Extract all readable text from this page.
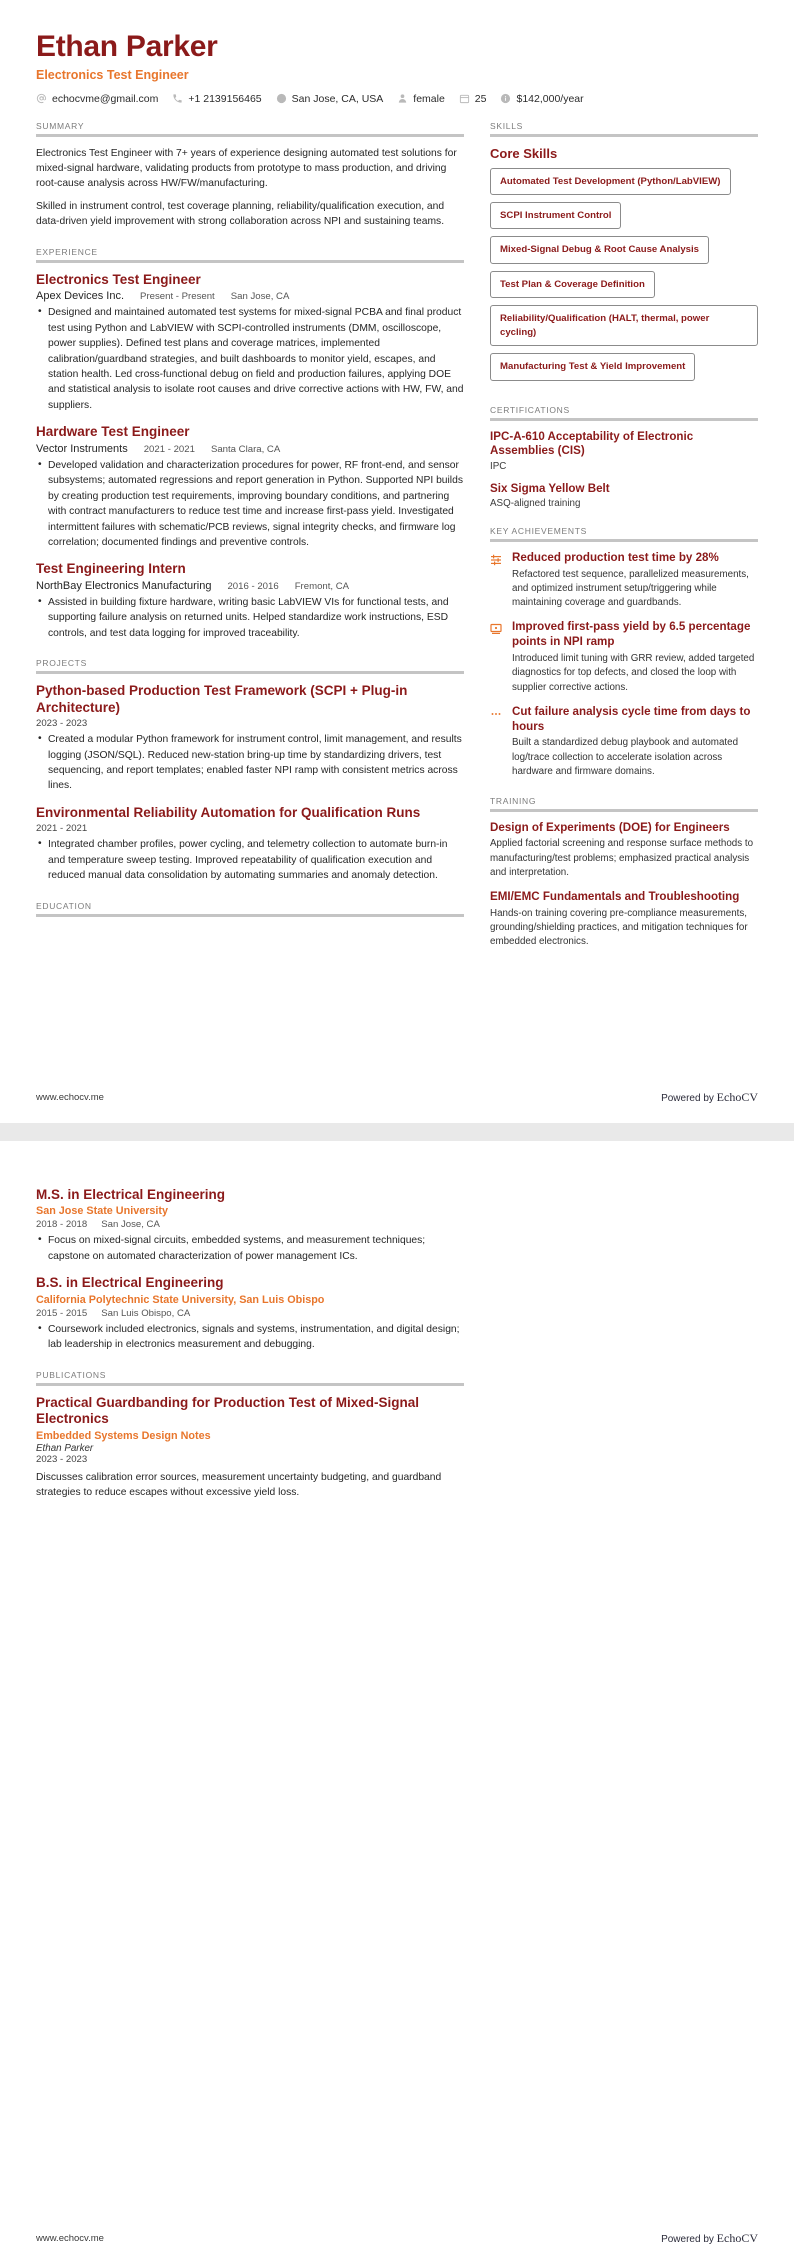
Ethan Parker
Electronics Test Engineer
echocvme@gmail.com	+1 2139156465	San Jose, CA, USA	female	25	$142,000/year
SUMMARY

Electronics Test Engineer with 7+ years of experience designing automated test solutions for mixed-signal hardware, validating products from prototype to mass production, and driving root-cause analysis across HW/FW/manufacturing.

Skilled in instrument control, test coverage planning, reliability/qualification execution, and data-driven yield improvement with strong collaboration across NPI and sustaining teams.

EXPERIENCE
Electronics Test Engineer
Apex Devices Inc. Present - Present San Jose, CA
• Designed and maintained automated test systems for mixed-signal PCBA and final product test using Python and LabVIEW with SCPI-controlled instruments (DMM, oscilloscope, power supplies). Defined test plans and coverage matrices, implemented calibration/guardband strategies, and built dashboards to monitor yield, escapes, and station health. Led cross-functional debug on field and production failures, applying DOE and statistical analysis to isolate root causes and drive corrective actions with HW, FW, and suppliers.
Hardware Test Engineer
Vector Instruments 2021 - 2021 Santa Clara, CA
• Developed validation and characterization procedures for power, RF front-end, and sensor subsystems; automated regressions and report generation in Python. Supported NPI builds by creating production test requirements, improving boundary conditions, and partnering with contract manufacturers to reduce test time and increase first-pass yield. Investigated intermittent failures with schematic/PCB reviews, signal integrity checks, and firmware log correlation; documented findings and preventive controls.
Test Engineering Intern
NorthBay Electronics Manufacturing 2016 - 2016 Fremont, CA
• Assisted in building fixture hardware, writing basic LabVIEW VIs for functional tests, and supporting failure analysis on returned units. Helped standardize work instructions, ESD controls, and test data logging for improved traceability.
PROJECTS
Python-based Production Test Framework (SCPI + Plug-in Architecture)
2023 - 2023
• Created a modular Python framework for instrument control, limit management, and results logging (JSON/SQL). Reduced new-station bring-up time by standardizing drivers, test sequencing, and report templates; enabled faster NPI ramp with consistent metrics across lines.
Environmental Reliability Automation for Qualification Runs
2021 - 2021
• Integrated chamber profiles, power cycling, and telemetry collection to automate burn-in and temperature sweep testing. Improved repeatability of qualification execution and reduced manual data consolidation by automating summaries and anomaly detection.
EDUCATION
SKILLS
Core Skills
Automated Test Development (Python/LabVIEW)
SCPI Instrument Control
Mixed-Signal Debug & Root Cause Analysis
Test Plan & Coverage Definition
Reliability/Qualification (HALT, thermal, power cycling)
Manufacturing Test & Yield Improvement
CERTIFICATIONS
IPC-A-610 Acceptability of Electronic Assemblies (CIS)
IPC
Six Sigma Yellow Belt
ASQ-aligned training
KEY ACHIEVEMENTS
Reduced production test time by 28%
Refactored test sequence, parallelized measurements, and optimized instrument setup/triggering while maintaining coverage and guardbands.
Improved first-pass yield by 6.5 percentage points in NPI ramp
Introduced limit tuning with GRR review, added targeted diagnostics for top defects, and closed the loop with supplier corrective actions.
Cut failure analysis cycle time from days to hours
Built a standardized debug playbook and automated log/trace collection to accelerate isolation across hardware and firmware domains.
TRAINING
Design of Experiments (DOE) for Engineers
Applied factorial screening and response surface methods to manufacturing/test problems; emphasized practical analysis and interpretation.
EMI/EMC Fundamentals and Troubleshooting
Hands-on training covering pre-compliance measurements, grounding/shielding practices, and mitigation techniques for embedded electronics.
www.echocv.me	Powered by EchoCV
M.S. in Electrical Engineering
San Jose State University
2018 - 2018 San Jose, CA
• Focus on mixed-signal circuits, embedded systems, and measurement techniques; capstone on automated characterization of power management ICs.
B.S. in Electrical Engineering
California Polytechnic State University, San Luis Obispo
2015 - 2015 San Luis Obispo, CA
• Coursework included electronics, signals and systems, instrumentation, and digital design; lab leadership in electronics measurement and debugging.
PUBLICATIONS
Practical Guardbanding for Production Test of Mixed-Signal Electronics
Embedded Systems Design Notes
Ethan Parker
2023 - 2023
Discusses calibration error sources, measurement uncertainty budgeting, and guardband strategies to reduce escapes without excessive yield loss.
www.echocv.me	Powered by EchoCV
